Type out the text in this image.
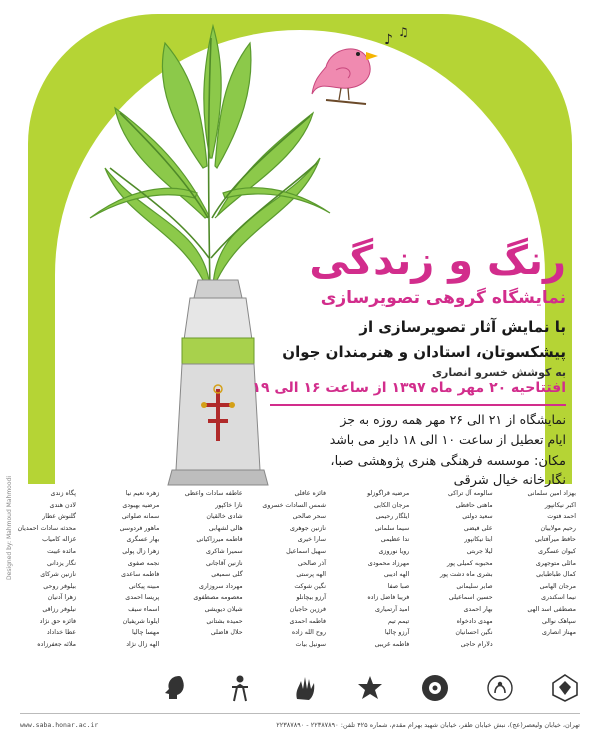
♪ ♫
رنگ و زندگی
نمایشگاه گروهی تصویرسازی
با نمایش آثار تصویرسازی از
پیشکسوتان، استادان و هنرمندان جوان
به کوشش خسرو انصاری
افتتاحیه ۲۰ مهر ماه ۱۳۹۷ از ساعت ۱۶ الی ۱۹
نمایشگاه از ۲۱ الی ۲۶ مهر همه روزه به جز
ایام تعطیل از ساعت ۱۰ الی ۱۸ دایر می باشد
مکان: موسسه فرهنگی هنری پژوهشی صبا،
نگارخانه خیال شرقی
بهزاد امین سلمانی
اکبر نیکانپور
احمد فتوت
رحیم مولاییان
حافظ میرآفتابی
کیوان عسگری
مائلی متوجهری
کمال طباطبایی
مرجان الهامی
نیما اسکندری
مصطفی اسد الهی
سپاهک نوالی
مهناز انصاری
سالومه آل تراکی
ماهتی حافظی
سعید دولتی
علی فیضی
ابتا نیکانپور
لیلا جربتی
محبوبه کمیلی پور
بشری ماه دشت پور
صابر سلیمانی
حسین اسماعیلی
بهار احمدی
مهدی دادخواه
نگین احسانیان
دلارام حاجی
مرضیه قراگوزلو
مرجان الکابی
ایلگار رحیمی
سیما سلمانی
ندا عظیمی
رویا نوروزی
مهرزاد محمودی
الهه ادیبی
صبا صفا
فریبا فاضل زاده
امید آرتمیاری
تیمم تیم
آرزو چالیا
فاطمه غریبی
فائزه عافلی
شمس السادات خسروی
سحر صالحی
نازنین جوهری
سارا خیری
سهیل اسماعیل
آذر صالحی
الهه پرستی
نگین شوکت
آرزو بیچانلو
فرزین حاجیان
فاطمه احمدی
روح الله زاده
سونیل بیات
عاطفه سادات واعظی
نازا خاکپور
شادی خالقیان
هالی لشهابی
فاطمه میرزاکیانی
سمیرا شاکری
نازنین آقاجانی
گلی سمیعی
مهرداد سروزاری
معصومه مصطفوی
شیلان دیویشی
حمیده بشتانی
حلال فاضلی
زهره نعیم نیا
مرضیه بهبودی
سمانه صلواتی
ماهور فردوسی
بهار عسگری
زهرا زال پولی
نجمه صفوی
فاطمه ساعدی
مبینه پیکانی
پریسا احمدی
اسماء سیف
ایلونا شریفیان
مهسا چالیا
الهه زال نژاد
پگاه زندی
لادن هندی
گلنوش عطار
محدثه سادات احمدیان
غزاله کامیاب
مائده غیبت
نگار یزدانی
نازنین شرکای
بیلوفر روحی
زهرا آدنیان
نیلوفر رزاقی
فائزه حق نژاد
عطا خداداد
ملائه جعفرزاده
Designed by: Mahmoud Mahmoodi
www.saba.honar.ac.ir	تهران، خیابان ولیعصر(عج)، نبش خیابان ظفر، خیابان شهید بهرام مقدم، شماره ۴۲۵ تلفن: ۲۲۳۸۷۸۹۰ - ۲۲۳۸۷۸۹۰
